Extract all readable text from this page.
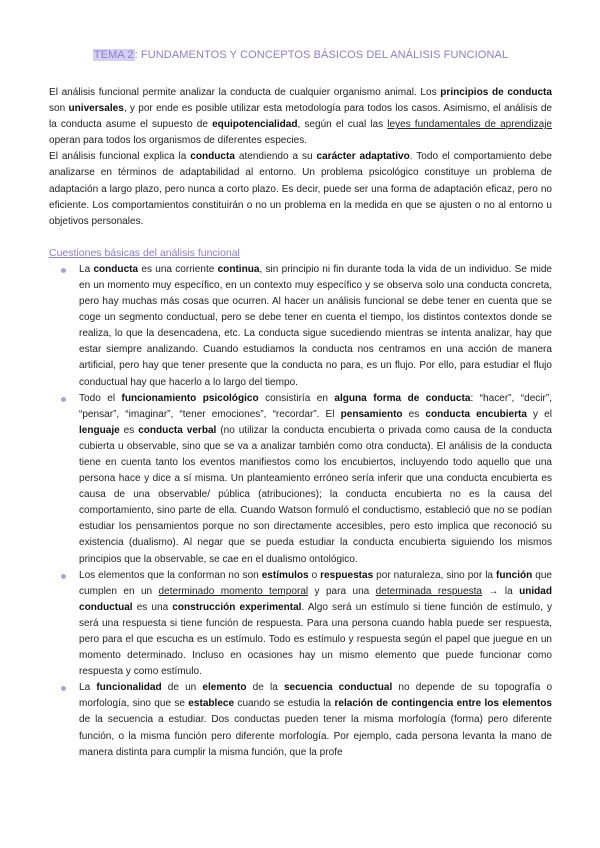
TEMA 2: FUNDAMENTOS Y CONCEPTOS BÁSICOS DEL ANÁLISIS FUNCIONAL

El análisis funcional permite analizar la conducta de cualquier organismo animal. Los principios de conducta son universales, y por ende es posible utilizar esta metodología para todos los casos. Asimismo, el análisis de la conducta asume el supuesto de equipotencialidad, según el cual las leyes fundamentales de aprendizaje operan para todos los organismos de diferentes especies.

El análisis funcional explica la conducta atendiendo a su carácter adaptativo. Todo el comportamiento debe analizarse en términos de adaptabilidad al entorno. Un problema psicológico constituye un problema de adaptación a largo plazo, pero nunca a corto plazo. Es decir, puede ser una forma de adaptación eficaz, pero no eficiente. Los comportamientos constituirán o no un problema en la medida en que se ajusten o no al entorno u objetivos personales.

Cuestiones básicas del análisis funcional
La conducta es una corriente continua, sin principio ni fin durante toda la vida de un individuo. Se mide en un momento muy específico, en un contexto muy específico y se observa solo una conducta concreta, pero hay muchas más cosas que ocurren. Al hacer un análisis funcional se debe tener en cuenta que se coge un segmento conductual, pero se debe tener en cuenta el tiempo, los distintos contextos donde se realiza, lo que la desencadena, etc. La conducta sigue sucediendo mientras se intenta analizar, hay que estar siempre analizando. Cuando estudiamos la conducta nos centramos en una acción de manera artificial, pero hay que tener presente que la conducta no para, es un flujo. Por ello, para estudiar el flujo conductual hay que hacerlo a lo largo del tiempo.
Todo el funcionamiento psicológico consistiría en alguna forma de conducta: “hacer”, “decir”, “pensar”, “imaginar”, “tener emociones”, “recordar”. El pensamiento es conducta encubierta y el lenguaje es conducta verbal (no utilizar la conducta encubierta o privada como causa de la conducta cubierta u observable, sino que se va a analizar también como otra conducta). El análisis de la conducta tiene en cuenta tanto los eventos manifiestos como los encubiertos, incluyendo todo aquello que una persona hace y dice a sí misma. Un planteamiento erróneo sería inferir que una conducta encubierta es causa de una observable/ pública (atribuciones); la conducta encubierta no es la causa del comportamiento, sino parte de ella. Cuando Watson formuló el conductismo, estableció que no se podían estudiar los pensamientos porque no son directamente accesibles, pero esto implica que reconoció su existencia (dualismo). Al negar que se pueda estudiar la conducta encubierta siguiendo los mismos principios que la observable, se cae en el dualismo ontológico.
Los elementos que la conforman no son estímulos o respuestas por naturaleza, sino por la función que cumplen en un determinado momento temporal y para una determinada respuesta → la unidad conductual es una construcción experimental. Algo será un estímulo si tiene función de estímulo, y será una respuesta si tiene función de respuesta. Para una persona cuando habla puede ser respuesta, pero para el que escucha es un estímulo. Todo es estímulo y respuesta según el papel que juegue en un momento determinado. Incluso en ocasiones hay un mismo elemento que puede funcionar como respuesta y como estímulo.
La funcionalidad de un elemento de la secuencia conductual no depende de su topografía o morfología, sino que se establece cuando se estudia la relación de contingencia entre los elementos de la secuencia a estudiar. Dos conductas pueden tener la misma morfología (forma) pero diferente función, o la misma función pero diferente morfología. Por ejemplo, cada persona levanta la mano de manera distinta para cumplir la misma función, que la profe
